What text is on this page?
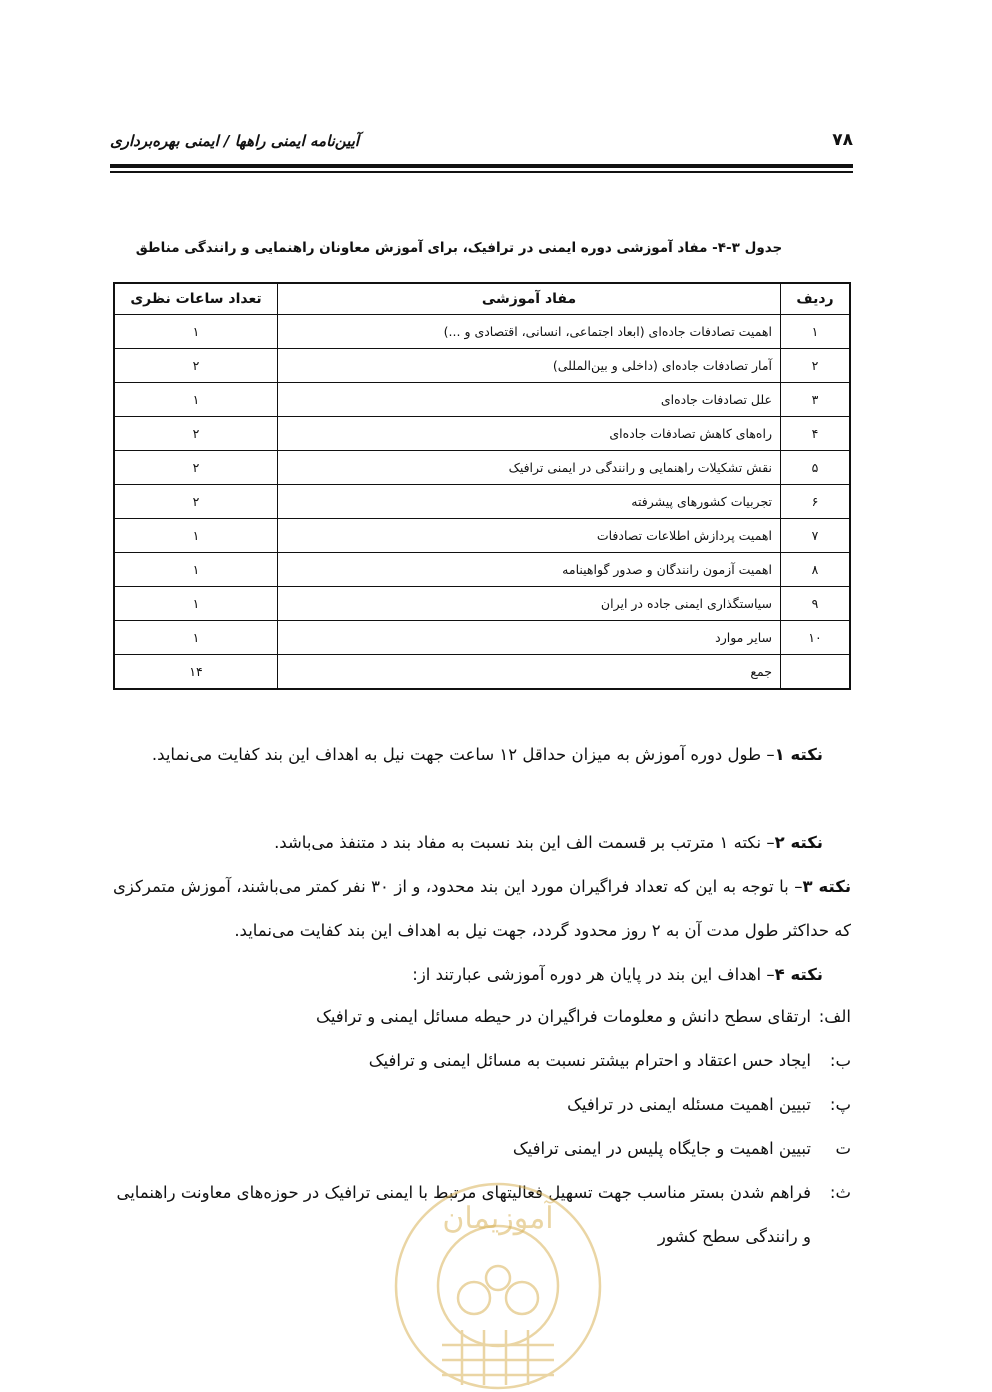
۷۸
آیین‌نامه ایمنی راهها / ایمنی بهره‌برداری
جدول ۳-۴- مفاد آموزشی دوره ایمنی در ترافیک، برای آموزش معاونان راهنمایی و رانندگی مناطق
ردیف	مفاد آموزشی	تعداد ساعات نظری
۱	اهمیت تصادفات جاده‌ای (ابعاد اجتماعی، انسانی، اقتصادی و ...)	۱
۲	آمار تصادفات جاده‌ای (داخلی و بین‌المللی)	۲
۳	علل تصادفات جاده‌ای	۱
۴	راه‌های کاهش تصادفات جاده‌ای	۲
۵	نقش تشکیلات راهنمایی و رانندگی در ایمنی ترافیک	۲
۶	تجربیات کشورهای پیشرفته	۲
۷	اهمیت پردازش اطلاعات تصادفات	۱
۸	اهمیت آزمون رانندگان و صدور گواهینامه	۱
۹	سیاستگذاری ایمنی جاده در ایران	۱
۱۰	سایر موارد	۱
	جمع	۱۴
نکته ۱– طول دوره آموزش به میزان حداقل ۱۲ ساعت جهت نیل به اهداف این بند کفایت می‌نماید.
نکته ۲– نکته ۱ مترتب بر قسمت الف این بند نسبت به مفاد بند د متنفذ می‌باشد.
نکته ۳– با توجه به این که تعداد فراگیران مورد این بند محدود، و از ۳۰ نفر کمتر می‌باشند، آموزش متمرکزی که حداکثر طول مدت آن به ۲ روز محدود گردد، جهت نیل به اهداف این بند کفایت می‌نماید.
نکته ۴– اهداف این بند در پایان هر دوره آموزشی عبارتند از:
الف:
ارتقای سطح دانش و معلومات فراگیران در حیطه مسائل ایمنی و ترافیک
ب:
ایجاد حس اعتقاد و احترام بیشتر نسبت به مسائل ایمنی و ترافیک
پ:
تبیین اهمیت مسئله ایمنی در ترافیک
ت
تبیین اهمیت و جایگاه پلیس در ایمنی ترافیک
ث:
فراهم شدن بستر مناسب جهت تسهیل فعالیتهای مرتبط با ایمنی ترافیک در حوزه‌های معاونت راهنمایی و رانندگی سطح کشور
آموزیمان
